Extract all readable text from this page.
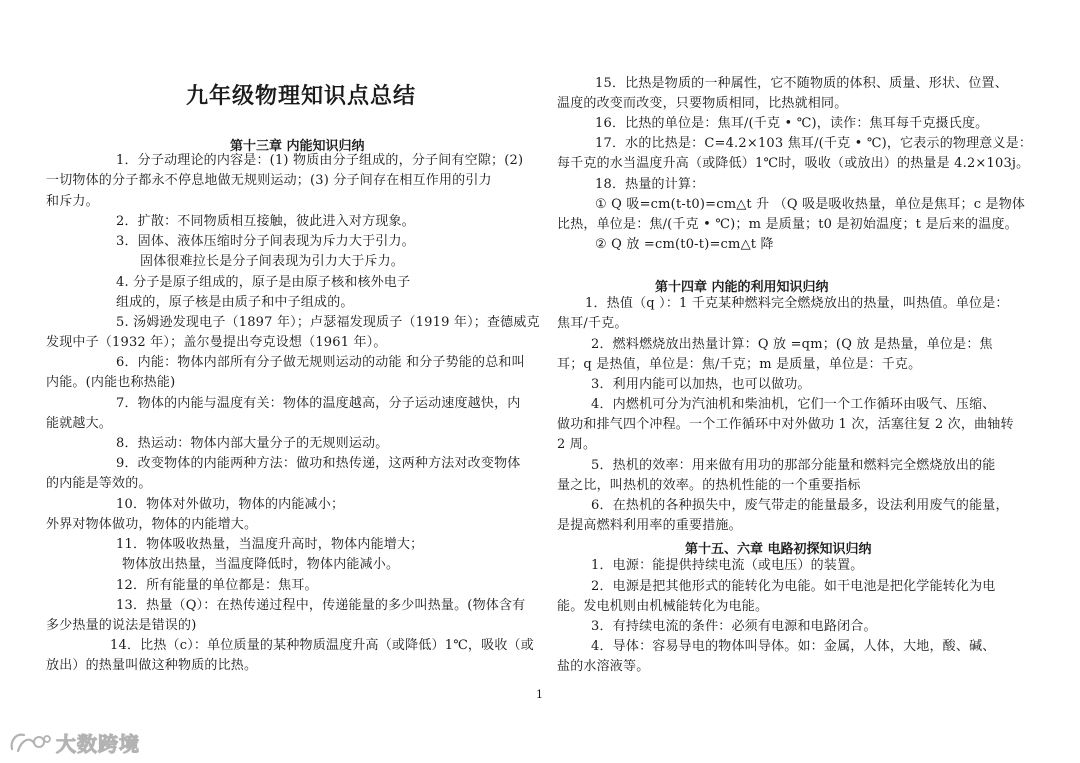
九年级物理知识点总结
第十三章 内能知识归纳
1．分子动理论的内容是：(1) 物质由分子组成的，分子间有空隙；(2)
一切物体的分子都永不停息地做无规则运动；(3) 分子间存在相互作用的引力
和斥力。
2．扩散：不同物质相互接触，彼此进入对方现象。
3．固体、液体压缩时分子间表现为斥力大于引力。
固体很难拉长是分子间表现为引力大于斥力。
4. 分子是原子组成的，原子是由原子核和核外电子
组成的，原子核是由质子和中子组成的。
5. 汤姆逊发现电子（1897 年）；卢瑟福发现质子（1919 年）；查德威克
发现中子（1932 年）；盖尔曼提出夸克设想（1961 年）。
6．内能：物体内部所有分子做无规则运动的动能 和分子势能的总和叫
内能。(内能也称热能)
7．物体的内能与温度有关：物体的温度越高，分子运动速度越快，内
能就越大。
8．热运动：物体内部大量分子的无规则运动。
9．改变物体的内能两种方法：做功和热传递，这两种方法对改变物体
的内能是等效的。
10．物体对外做功，物体的内能减小；
外界对物体做功，物体的内能增大。
11．物体吸收热量，当温度升高时，物体内能增大；
物体放出热量，当温度降低时，物体内能减小。
12．所有能量的单位都是：焦耳。
13．热量（Q）：在热传递过程中，传递能量的多少叫热量。(物体含有
多少热量的说法是错误的)
14．比热（c）：单位质量的某种物质温度升高（或降低）1℃，吸收（或
放出）的热量叫做这种物质的比热。
15．比热是物质的一种属性，它不随物质的体积、质量、形状、位置、
温度的改变而改变，只要物质相同，比热就相同。
16．比热的单位是：焦耳/(千克 • ℃)，读作：焦耳每千克摄氏度。
17．水的比热是：C=4.2×103 焦耳/(千克 • ℃)，它表示的物理意义是：
每千克的水当温度升高（或降低）1℃时，吸收（或放出）的热量是 4.2×103j。
18．热量的计算：
① Q 吸=cm(t-t0)=cm△t 升 （Q 吸是吸收热量，单位是焦耳；c 是物体
比热，单位是：焦/(千克 • ℃)；m 是质量；t0 是初始温度；t 是后来的温度。
② Q 放 =cm(t0-t)=cm△t 降
第十四章 内能的利用知识归纳
1．热值（q ）：1 千克某种燃料完全燃烧放出的热量，叫热值。单位是：
焦耳/千克。
2．燃料燃烧放出热量计算：Q 放 =qm；(Q 放 是热量，单位是：焦
耳；q 是热值，单位是：焦/千克；m 是质量，单位是：千克。
3．利用内能可以加热，也可以做功。
4．内燃机可分为汽油机和柴油机，它们一个工作循环由吸气、压缩、
做功和排气四个冲程。一个工作循环中对外做功 1 次，活塞往复 2 次，曲轴转
2 周。
5．热机的效率：用来做有用功的那部分能量和燃料完全燃烧放出的能
量之比，叫热机的效率。的热机性能的一个重要指标
6．在热机的各种损失中，废气带走的能量最多，设法利用废气的能量，
是提高燃料利用率的重要措施。
第十五、六章 电路初探知识归纳
1．电源：能提供持续电流（或电压）的装置。
2．电源是把其他形式的能转化为电能。如干电池是把化学能转化为电
能。发电机则由机械能转化为电能。
3．有持续电流的条件：必须有电源和电路闭合。
4．导体：容易导电的物体叫导体。如：金属，人体，大地，酸、碱、
盐的水溶液等。
1
大数跨境
